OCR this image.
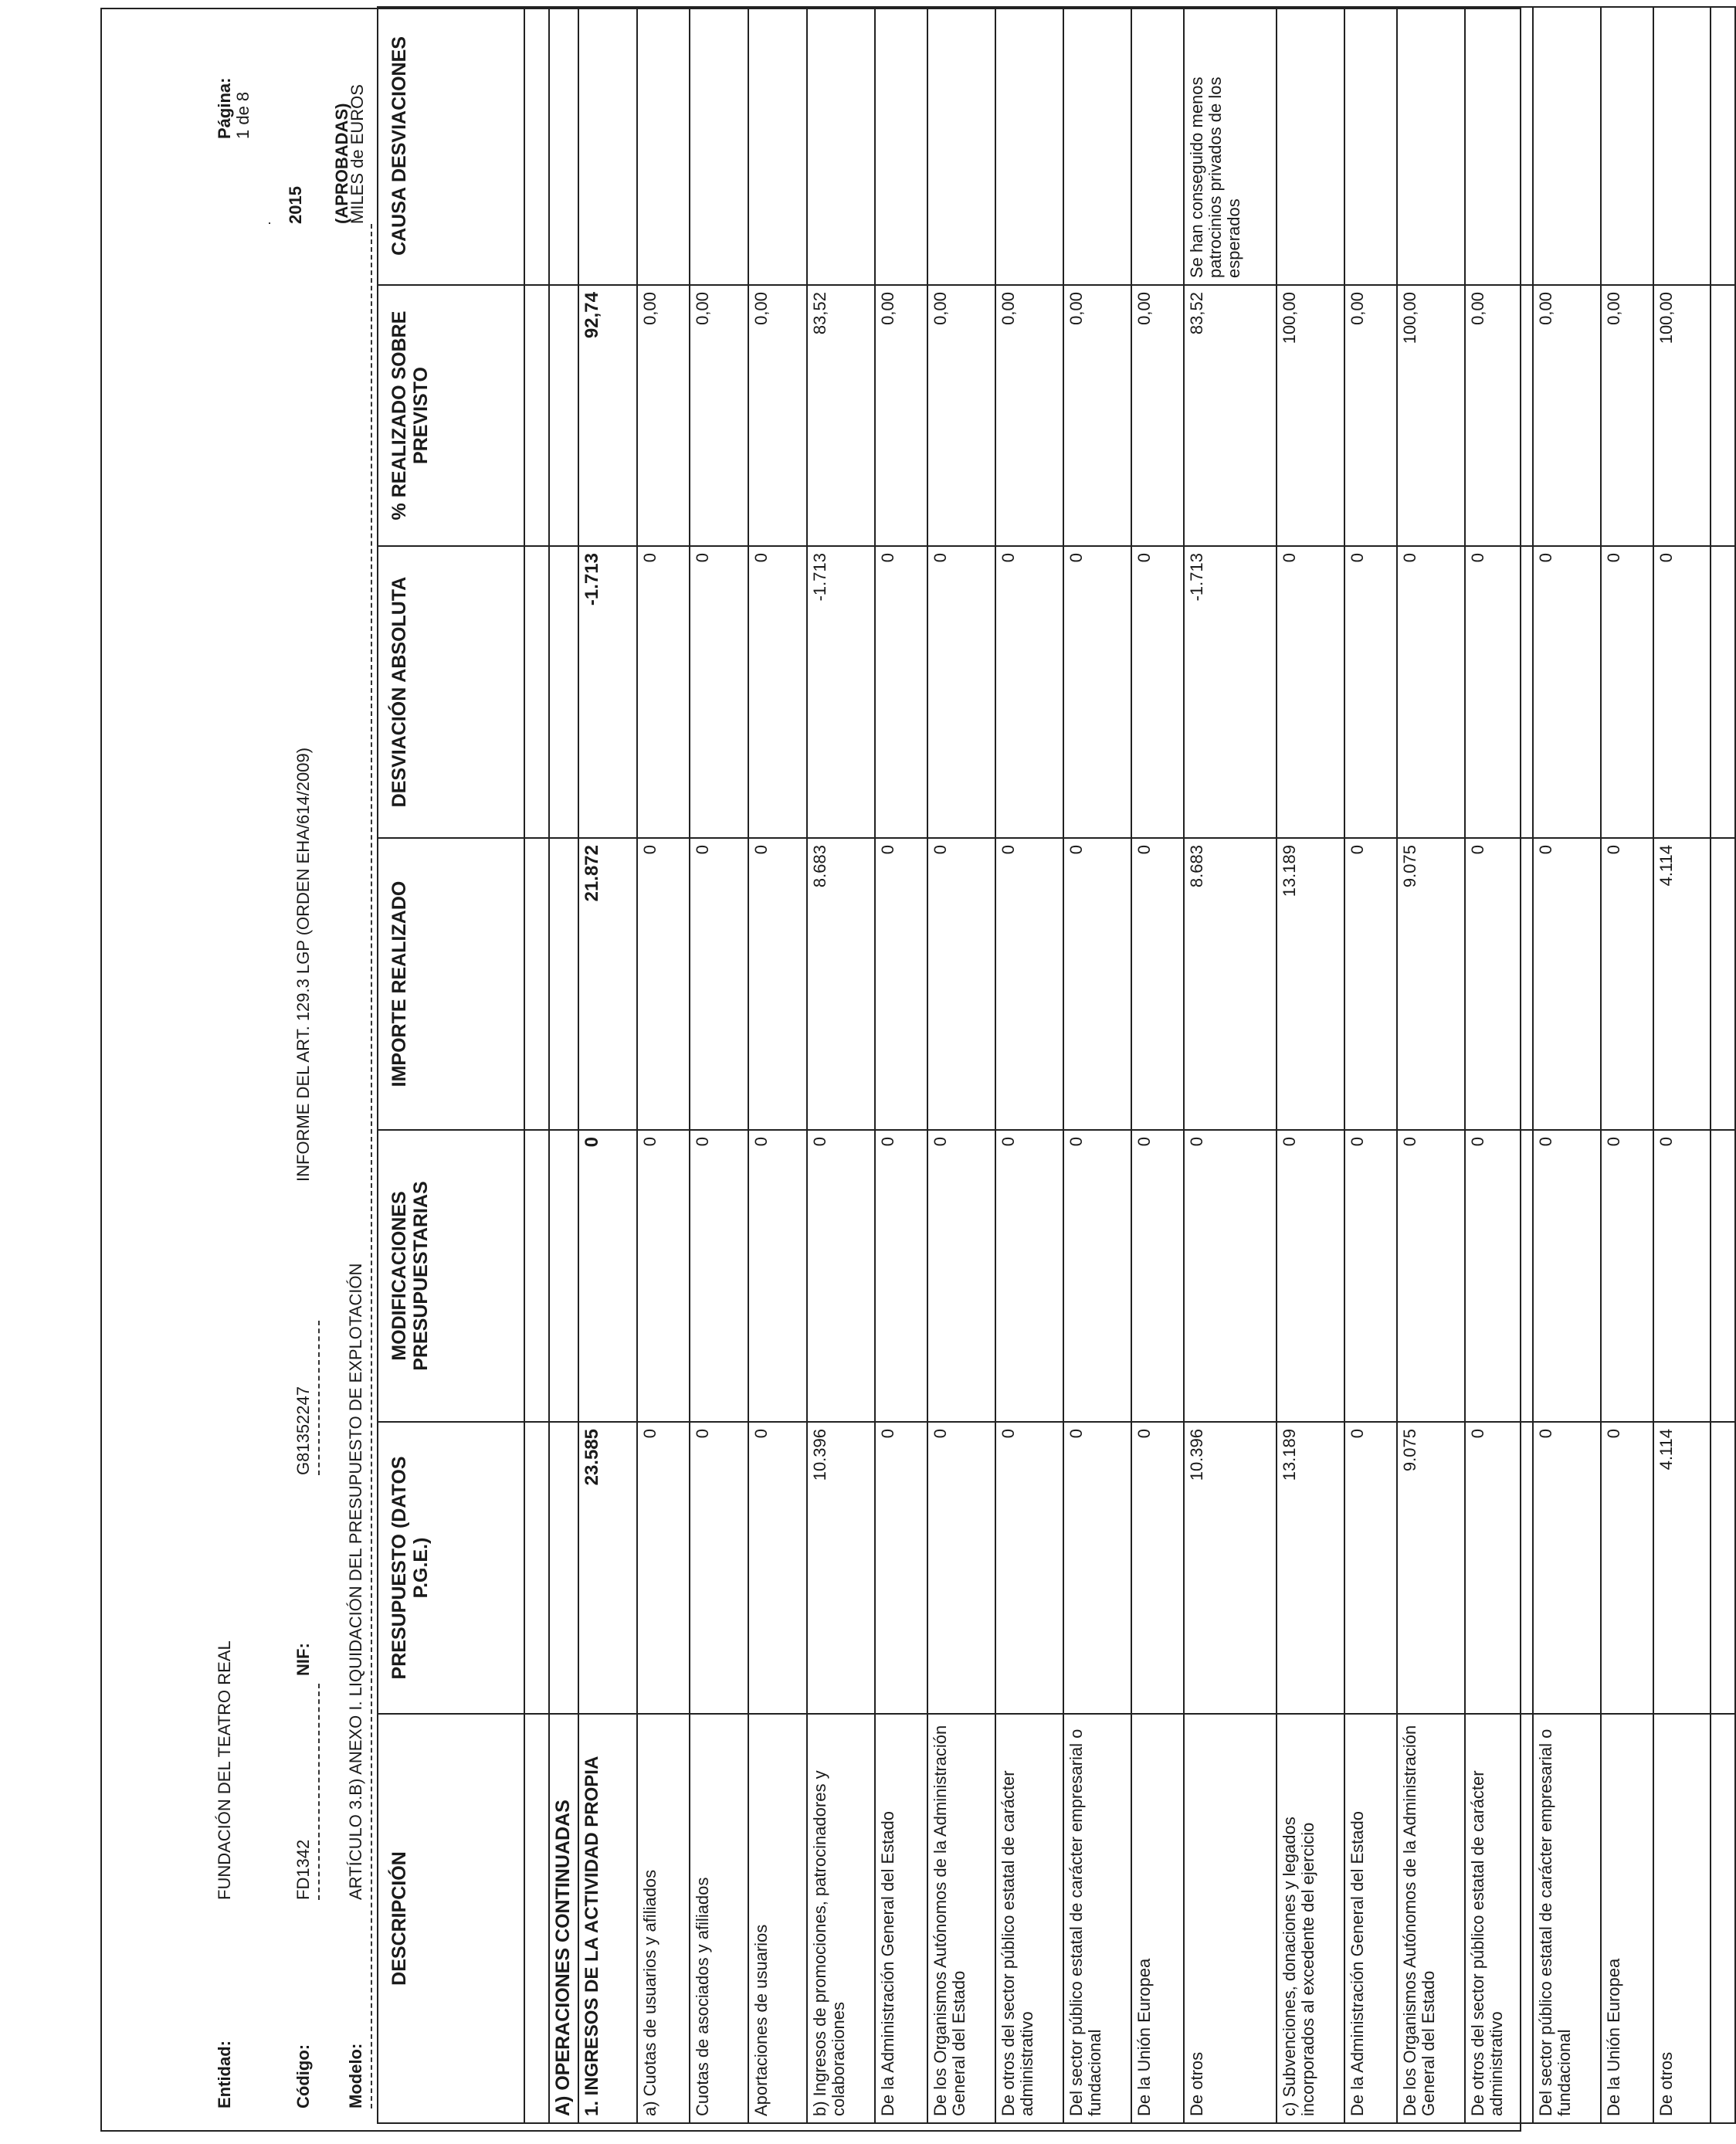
Entidad:
FUNDACIÓN DEL TEATRO REAL
Código:
FD1342
NIF:
G81352247
INFORME DEL ART. 129.3 LGP (ORDEN EHA/614/2009)
Modelo:
ARTÍCULO 3.B) ANEXO I. LIQUIDACIÓN DEL PRESUPUESTO DE EXPLOTACIÓN
Página: 1 de 8
2015 (APROBADAS)
MILES de EUROS
DESCRIPCIÓN	PRESUPUESTO (DATOS P.G.E.)	MODIFICACIONES PRESUPUESTARIAS	IMPORTE REALIZADO	DESVIACIÓN ABSOLUTA	% REALIZADO SOBRE PREVISTO	CAUSA DESVIACIONES

A) OPERACIONES CONTINUADAS						
1. INGRESOS DE LA ACTIVIDAD PROPIA	23.585	0	21.872	-1.713	92,74	
a) Cuotas de usuarios y afiliados	0	0	0	0	0,00	
Cuotas de asociados y afiliados	0	0	0	0	0,00	
Aportaciones de usuarios	0	0	0	0	0,00	
b) Ingresos de promociones, patrocinadores y colaboraciones	10.396	0	8.683	-1.713	83,52	
De la Administración General del Estado	0	0	0	0	0,00	
De los Organismos Autónomos de la Administración General del Estado	0	0	0	0	0,00	
De otros del sector público estatal de carácter administrativo	0	0	0	0	0,00	
Del sector público estatal de carácter empresarial o fundacional	0	0	0	0	0,00	
De la Unión Europea	0	0	0	0	0,00	
De otros	10.396	0	8.683	-1.713	83,52	Se han conseguido menos patrocinios privados de los esperados
c) Subvenciones, donaciones y legados incorporados al excedente del ejercicio	13.189	0	13.189	0	100,00	
De la Administración General del Estado	0	0	0	0	0,00	
De los Organismos Autónomos de la Administración General del Estado	9.075	0	9.075	0	100,00	
De otros del sector público estatal de carácter administrativo	0	0	0	0	0,00	
Del sector público estatal de carácter empresarial o fundacional	0	0	0	0	0,00	
De la Unión Europea	0	0	0	0	0,00	
De otros	4.114	0	4.114	0	100,00	
